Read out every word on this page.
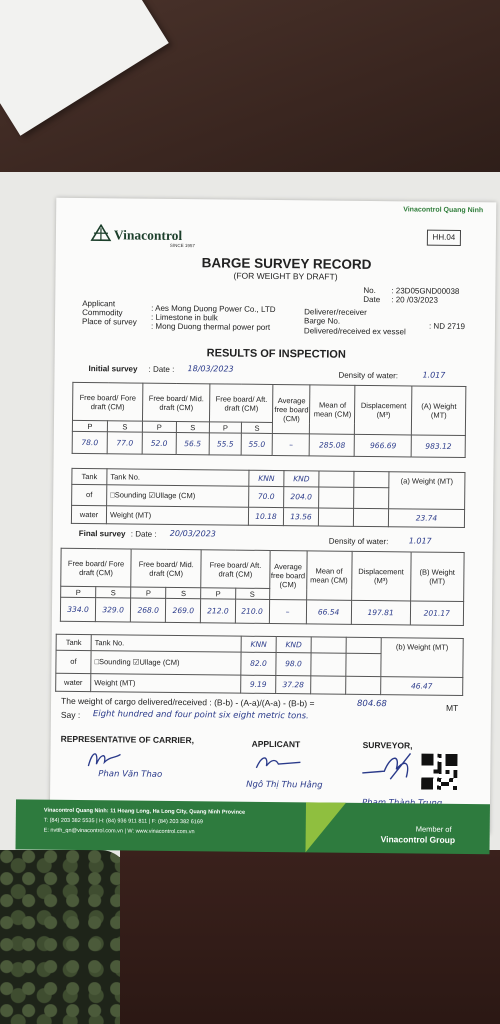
Vinacontrol Quang Ninh
Vinacontrol
SINCE 1957
HH.04
BARGE SURVEY RECORD
(FOR WEIGHT BY DRAFT)
No. : 23D05GND00038
Date : 20 /03/2023
Applicant
: Aes Mong Duong Power Co., LTD
Commodity
: Limestone in bulk
Place of survey : Mong Duong thermal power port
Deliverer/receiver
Barge No.
: ND 2719
Delivered/received ex vessel
RESULTS OF INSPECTION
Initial survey : Date : 18/03/2023
Density of water:	1.017
Free board/ Fore draft (CM)		Free board/ Mid. draft (CM)		Free board/ Aft. draft (CM)		Average free board (CM)	Mean of mean (CM)	Displacement (M³)	(A) Weight (MT)
P	S	P	S	P	S				
78.0	77.0	52.0	56.5	55.5	55.0	–	285.08	966.69	983.12
Tank	Tank No.	KNN	KND			(a) Weight (MT)
of	□Sounding ☑Ullage (CM)	70.0	204.0			
water	Weight (MT)	10.18	13.56			23.74
Final survey : Date : 20/03/2023
Density of water:	1.017
Free board/ Fore draft (CM)		Free board/ Mid. draft (CM)		Free board/ Aft. draft (CM)		Average free board (CM)	Mean of mean (CM)	Displacement (M³)	(B) Weight (MT)
P	S	P	S	P	S				
334.0	329.0	268.0	269.0	212.0	210.0	–	66.54	197.81	201.17
Tank	Tank No.	KNN	KND			(b) Weight (MT)
of	□Sounding ☑Ullage (CM)	82.0	98.0			
water	Weight (MT)	9.19	37.28			46.47
The weight of cargo delivered/received : (B-b) - (A-a)/(A-a) - (B-b) =	804.68	MT
Say : Eight hundred and four point six eight metric tons.
REPRESENTATIVE OF CARRIER,	APPLICANT	SURVEYOR,
Phan Văn Thao
Ngô Thị Thu Hằng
Vinacontrol Quang Ninh: 11 Hoang Long, Ha Long City, Quang Ninh Province
T: (84) 203 382 5535 | H: (84) 936 911 811 | F: (84) 203 382 6169
E: nvtth_qn@vinacontrol.com.vn | W: www.vinacontrol.com.vn	Member of
Vinacontrol Group
